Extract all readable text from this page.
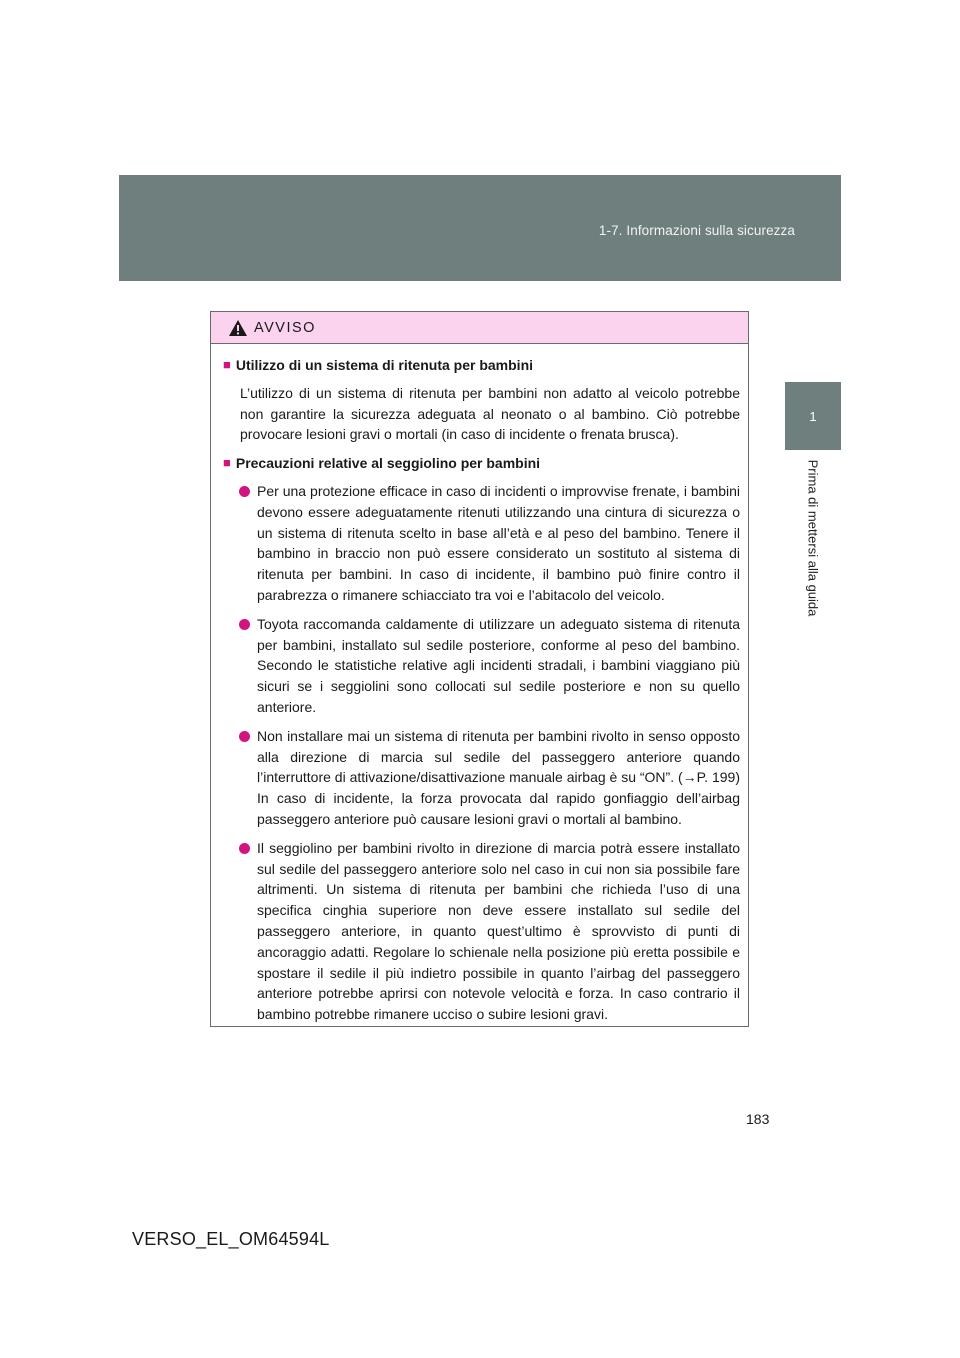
1-7. Informazioni sulla sicurezza
1
Prima di mettersi alla guida
AVVISO
■ Utilizzo di un sistema di ritenuta per bambini
L’utilizzo di un sistema di ritenuta per bambini non adatto al veicolo potrebbe non garantire la sicurezza adeguata al neonato o al bambino. Ciò potrebbe provocare lesioni gravi o mortali (in caso di incidente o frenata brusca).
■ Precauzioni relative al seggiolino per bambini
Per una protezione efficace in caso di incidenti o improvvise frenate, i bambini devono essere adeguatamente ritenuti utilizzando una cintura di sicurezza o un sistema di ritenuta scelto in base all’età e al peso del bambino. Tenere il bambino in braccio non può essere considerato un sostituto al sistema di ritenuta per bambini. In caso di incidente, il bambino può finire contro il parabrezza o rimanere schiacciato tra voi e l’abitacolo del veicolo.
Toyota raccomanda caldamente di utilizzare un adeguato sistema di ritenuta per bambini, installato sul sedile posteriore, conforme al peso del bambino. Secondo le statistiche relative agli incidenti stradali, i bambini viaggiano più sicuri se i seggiolini sono collocati sul sedile posteriore e non su quello anteriore.
Non installare mai un sistema di ritenuta per bambini rivolto in senso opposto alla direzione di marcia sul sedile del passeggero anteriore quando l’interruttore di attivazione/disattivazione manuale airbag è su “ON”. (→P. 199)
In caso di incidente, la forza provocata dal rapido gonfiaggio dell’airbag passeggero anteriore può causare lesioni gravi o mortali al bambino.
Il seggiolino per bambini rivolto in direzione di marcia potrà essere installato sul sedile del passeggero anteriore solo nel caso in cui non sia possibile fare altrimenti. Un sistema di ritenuta per bambini che richieda l’uso di una specifica cinghia superiore non deve essere installato sul sedile del passeggero anteriore, in quanto quest’ultimo è sprovvisto di punti di ancoraggio adatti. Regolare lo schienale nella posizione più eretta possibile e spostare il sedile il più indietro possibile in quanto l’airbag del passeggero anteriore potrebbe aprirsi con notevole velocità e forza. In caso contrario il bambino potrebbe rimanere ucciso o subire lesioni gravi.
183
VERSO_EL_OM64594L
